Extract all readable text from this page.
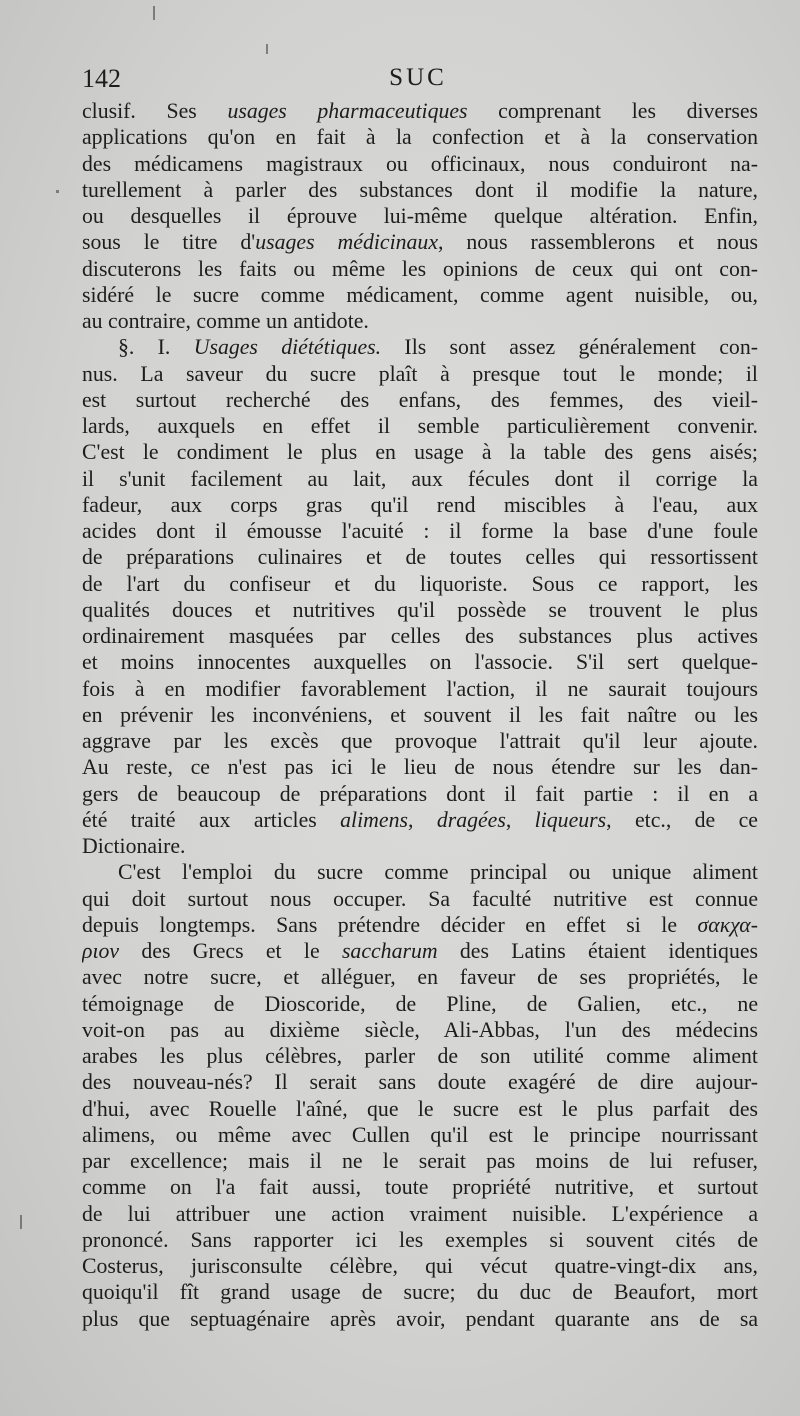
142	SUC
clusif. Ses usages pharmaceutiques comprenant les diverses
applications qu'on en fait à la confection et à la conservation
des médicamens magistraux ou officinaux, nous conduiront na-
turellement à parler des substances dont il modifie la nature,
ou desquelles il éprouve lui-même quelque altération. Enfin,
sous le titre d'usages médicinaux, nous rassemblerons et nous
discuterons les faits ou même les opinions de ceux qui ont con-
sidéré le sucre comme médicament, comme agent nuisible, ou,
au contraire, comme un antidote.
§. I. Usages diététiques. Ils sont assez généralement con-
nus. La saveur du sucre plaît à presque tout le monde; il
est surtout recherché des enfans, des femmes, des vieil-
lards, auxquels en effet il semble particulièrement convenir.
C'est le condiment le plus en usage à la table des gens aisés;
il s'unit facilement au lait, aux fécules dont il corrige la
fadeur, aux corps gras qu'il rend miscibles à l'eau, aux
acides dont il émousse l'acuité : il forme la base d'une foule
de préparations culinaires et de toutes celles qui ressortissent
de l'art du confiseur et du liquoriste. Sous ce rapport, les
qualités douces et nutritives qu'il possède se trouvent le plus
ordinairement masquées par celles des substances plus actives
et moins innocentes auxquelles on l'associe. S'il sert quelque-
fois à en modifier favorablement l'action, il ne saurait toujours
en prévenir les inconvéniens, et souvent il les fait naître ou les
aggrave par les excès que provoque l'attrait qu'il leur ajoute.
Au reste, ce n'est pas ici le lieu de nous étendre sur les dan-
gers de beaucoup de préparations dont il fait partie : il en a
été traité aux articles alimens, dragées, liqueurs, etc., de ce
Dictionaire.
C'est l'emploi du sucre comme principal ou unique aliment
qui doit surtout nous occuper. Sa faculté nutritive est connue
depuis longtemps. Sans prétendre décider en effet si le σακχα-
ριον des Grecs et le saccharum des Latins étaient identiques
avec notre sucre, et alléguer, en faveur de ses propriétés, le
témoignage de Dioscoride, de Pline, de Galien, etc., ne
voit-on pas au dixième siècle, Ali-Abbas, l'un des médecins
arabes les plus célèbres, parler de son utilité comme aliment
des nouveau-nés? Il serait sans doute exagéré de dire aujour-
d'hui, avec Rouelle l'aîné, que le sucre est le plus parfait des
alimens, ou même avec Cullen qu'il est le principe nourrissant
par excellence; mais il ne le serait pas moins de lui refuser,
comme on l'a fait aussi, toute propriété nutritive, et surtout
de lui attribuer une action vraiment nuisible. L'expérience a
prononcé. Sans rapporter ici les exemples si souvent cités de
Costerus, jurisconsulte célèbre, qui vécut quatre-vingt-dix ans,
quoiqu'il fît grand usage de sucre; du duc de Beaufort, mort
plus que septuagénaire après avoir, pendant quarante ans de sa
